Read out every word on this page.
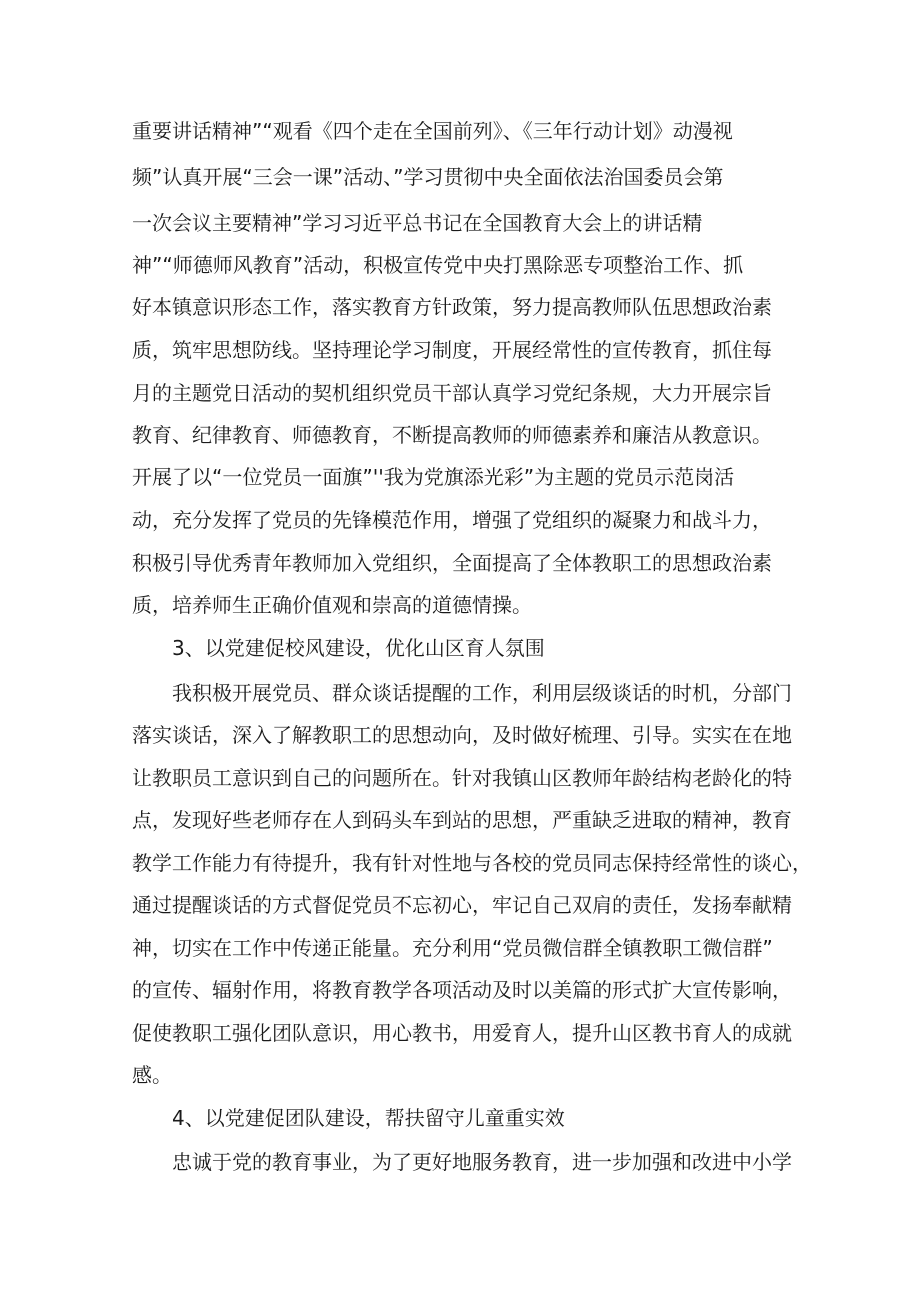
重要讲话精神”“观看《四个走在全国前列》、《三年行动计划》动漫视
频”认真开展“三会一课”活动、”学习贯彻中央全面依法治国委员会第
一次会议主要精神”学习习近平总书记在全国教育大会上的讲话精
神”“师德师风教育”活动，积极宣传党中央打黑除恶专项整治工作、抓
好本镇意识形态工作，落实教育方针政策，努力提高教师队伍思想政治素
质，筑牢思想防线。坚持理论学习制度，开展经常性的宣传教育，抓住每
月的主题党日活动的契机组织党员干部认真学习党纪条规，大力开展宗旨
教育、纪律教育、师德教育，不断提高教师的师德素养和廉洁从教意识。
开展了以“一位党员一面旗”''我为党旗添光彩”为主题的党员示范岗活
动，充分发挥了党员的先锋模范作用，增强了党组织的凝聚力和战斗力，
积极引导优秀青年教师加入党组织，全面提高了全体教职工的思想政治素
质，培养师生正确价值观和崇高的道德情操。
3、以党建促校风建设，优化山区育人氛围
我积极开展党员、群众谈话提醒的工作，利用层级谈话的时机，分部门
落实谈话，深入了解教职工的思想动向，及时做好梳理、引导。实实在在地
让教职员工意识到自己的问题所在。针对我镇山区教师年龄结构老龄化的特
点，发现好些老师存在人到码头车到站的思想，严重缺乏进取的精神，教育
教学工作能力有待提升，我有针对性地与各校的党员同志保持经常性的谈心，
通过提醒谈话的方式督促党员不忘初心，牢记自己双肩的责任，发扬奉献精
神，切实在工作中传递正能量。充分利用“党员微信群全镇教职工微信群”
的宣传、辐射作用，将教育教学各项活动及时以美篇的形式扩大宣传影响，
促使教职工强化团队意识，用心教书，用爱育人，提升山区教书育人的成就
感。
4、以党建促团队建设，帮扶留守儿童重实效
忠诚于党的教育事业，为了更好地服务教育，进一步加强和改进中小学
